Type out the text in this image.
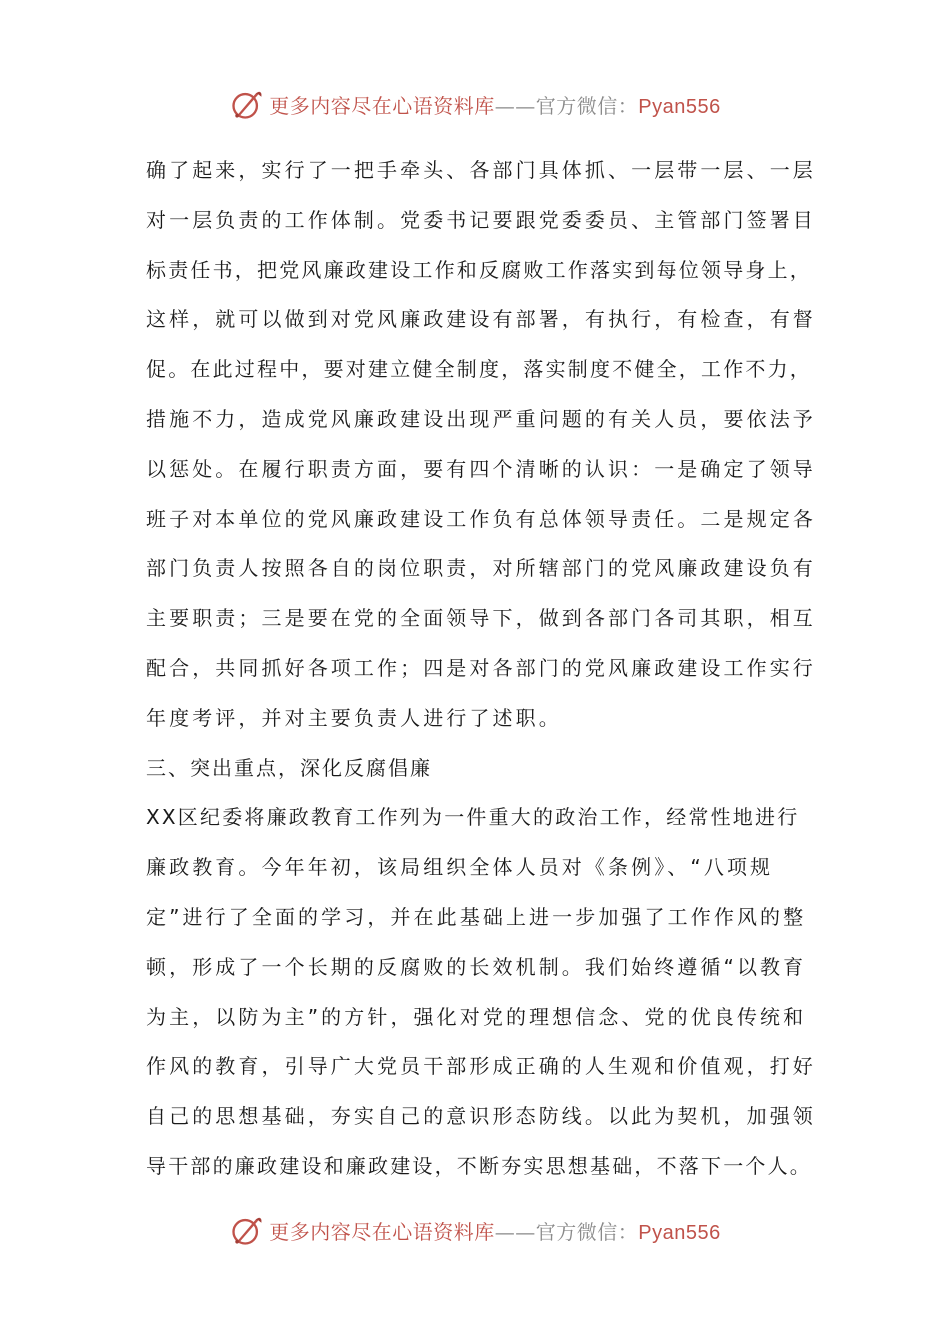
更多内容尽在心语资料库——官方微信：Pyan556
确了起来，实行了一把手牵头、各部门具体抓、一层带一层、一层
对一层负责的工作体制。党委书记要跟党委委员、主管部门签署目
标责任书，把党风廉政建设工作和反腐败工作落实到每位领导身上，
这样，就可以做到对党风廉政建设有部署，有执行，有检查，有督
促。在此过程中，要对建立健全制度，落实制度不健全，工作不力，
措施不力，造成党风廉政建设出现严重问题的有关人员，要依法予
以惩处。在履行职责方面，要有四个清晰的认识：一是确定了领导
班子对本单位的党风廉政建设工作负有总体领导责任。二是规定各
部门负责人按照各自的岗位职责，对所辖部门的党风廉政建设负有
主要职责；三是要在党的全面领导下，做到各部门各司其职，相互
配合，共同抓好各项工作；四是对各部门的党风廉政建设工作实行
年度考评，并对主要负责人进行了述职。
三、突出重点，深化反腐倡廉
XX区纪委将廉政教育工作列为一件重大的政治工作，经常性地进行
廉政教育。今年年初，该局组织全体人员对《条例》、“八项规
定”进行了全面的学习，并在此基础上进一步加强了工作作风的整
顿，形成了一个长期的反腐败的长效机制。我们始终遵循“以教育
为主，以防为主”的方针，强化对党的理想信念、党的优良传统和
作风的教育，引导广大党员干部形成正确的人生观和价值观，打好
自己的思想基础，夯实自己的意识形态防线。以此为契机，加强领
导干部的廉政建设和廉政建设，不断夯实思想基础，不落下一个人。
更多内容尽在心语资料库——官方微信：Pyan556
